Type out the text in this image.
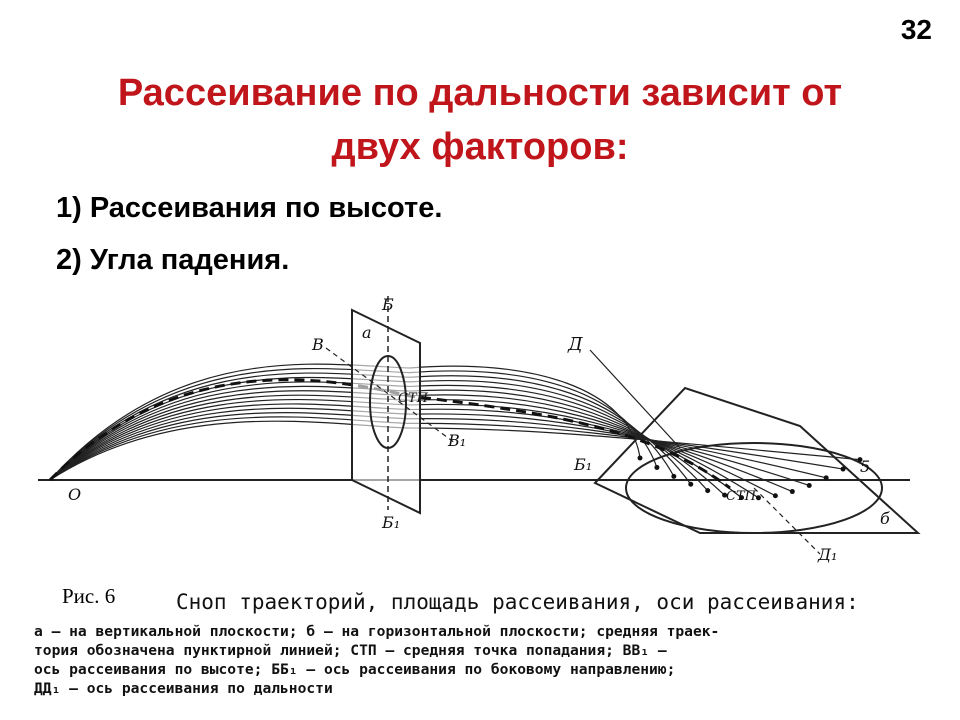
32
Рассеивание по дальности зависит от
двух факторов:
1) Рассеивания по высоте.
2) Угла падения.
О
Б
Б₁
В
В₁
а
СТП
Д
Д₁
Б₁
СТП
5
б
Рис. 6	Сноп траекторий, площадь рассеивания, оси рассеивания:
а — на вертикальной плоскости; б — на горизонтальной плоскости; средняя траек-
тория обозначена пунктирной линией; СТП — средняя точка попадания; ВВ₁ —
ось рассеивания по высоте; ББ₁ — ось рассеивания по боковому направлению;
ДД₁ — ось рассеивания по дальности
